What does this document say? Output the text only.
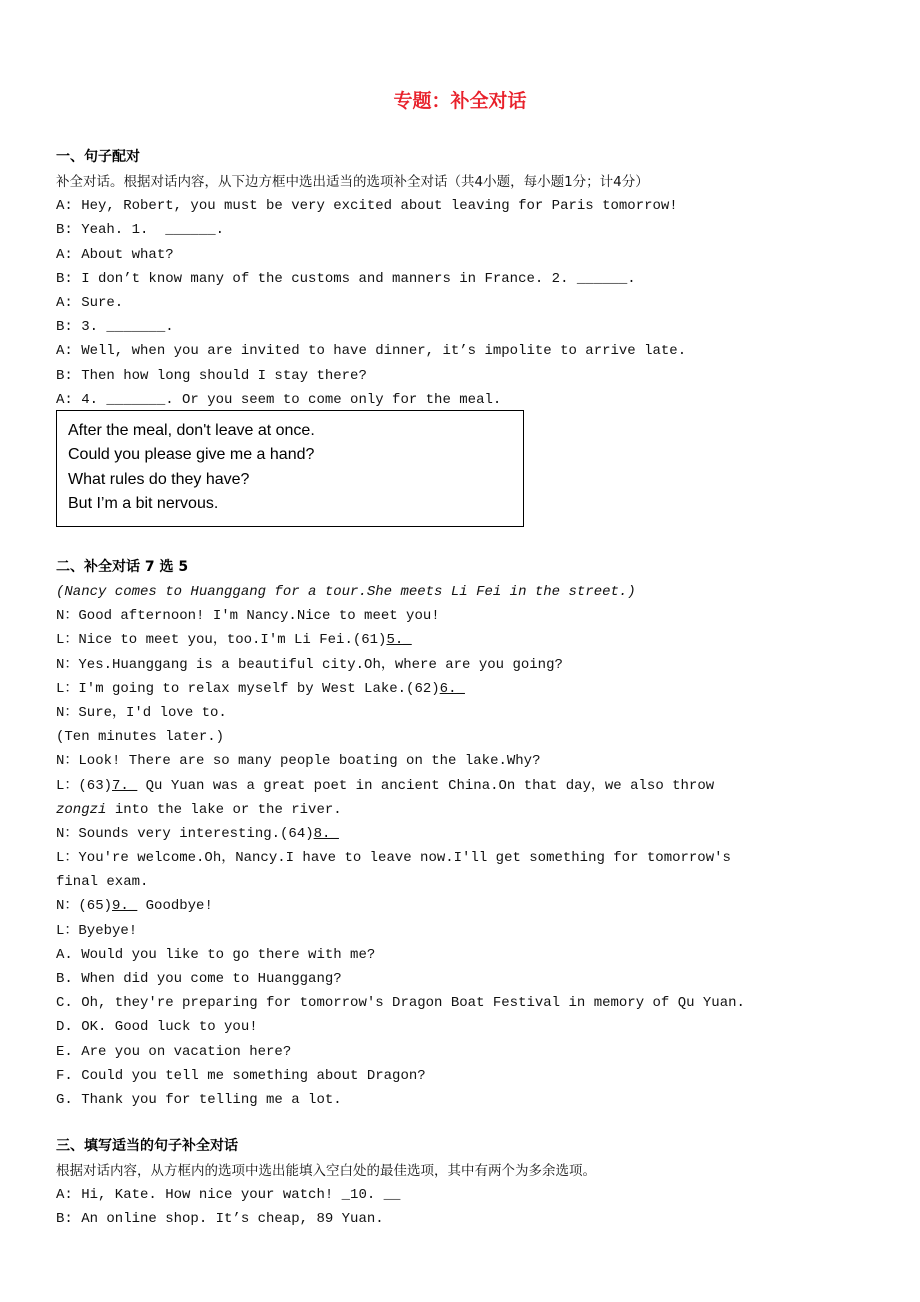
专题：补全对话
一、句子配对
补全对话。根据对话内容，从下边方框中选出适当的选项补全对话（共4小题，每小题1分；计4分）
A: Hey, Robert, you must be very excited about leaving for Paris tomorrow!
B: Yeah. 1.  ______.
A: About what?
B: I don’t know many of the customs and manners in France. 2. ______.
A: Sure.
B: 3. _______.
A: Well, when you are invited to have dinner, it’s impolite to arrive late.
B: Then how long should I stay there?
A: 4. _______. Or you seem to come only for the meal.
After the meal, don't leave at once.
Could you please give me a hand?
What rules do they have?
But I’m a bit nervous.
二、补全对话 7 选 5
(Nancy comes to Huanggang for a tour.She meets Li Fei in the street.)
N：Good afternoon! I'm Nancy.Nice to meet you!
L：Nice to meet you，too.I'm Li Fei.(61)5._
N：Yes.Huanggang is a beautiful city.Oh，where are you going?
L：I'm going to relax myself by West Lake.(62)6._
N：Sure，I'd love to.
(Ten minutes later.)
N：Look! There are so many people boating on the lake.Why?
L：(63)7._ Qu Yuan was a great poet in ancient China.On that day，we also throw
zongzi into the lake or the river.
N：Sounds very interesting.(64)8._
L：You're welcome.Oh，Nancy.I have to leave now.I'll get something for tomorrow's
final exam.
N：(65)9._ Goodbye!
L：Byebye!
A. Would you like to go there with me?
B. When did you come to Huanggang?
C. Oh, they're preparing for tomorrow's Dragon Boat Festival in memory of Qu Yuan.
D. OK. Good luck to you!
E. Are you on vacation here?
F. Could you tell me something about Dragon?
G. Thank you for telling me a lot.
三、填写适当的句子补全对话
根据对话内容，从方框内的选项中选出能填入空白处的最佳选项，其中有两个为多余选项。
A: Hi, Kate. How nice your watch! _10. __
B: An online shop. It’s cheap, 89 Yuan.
